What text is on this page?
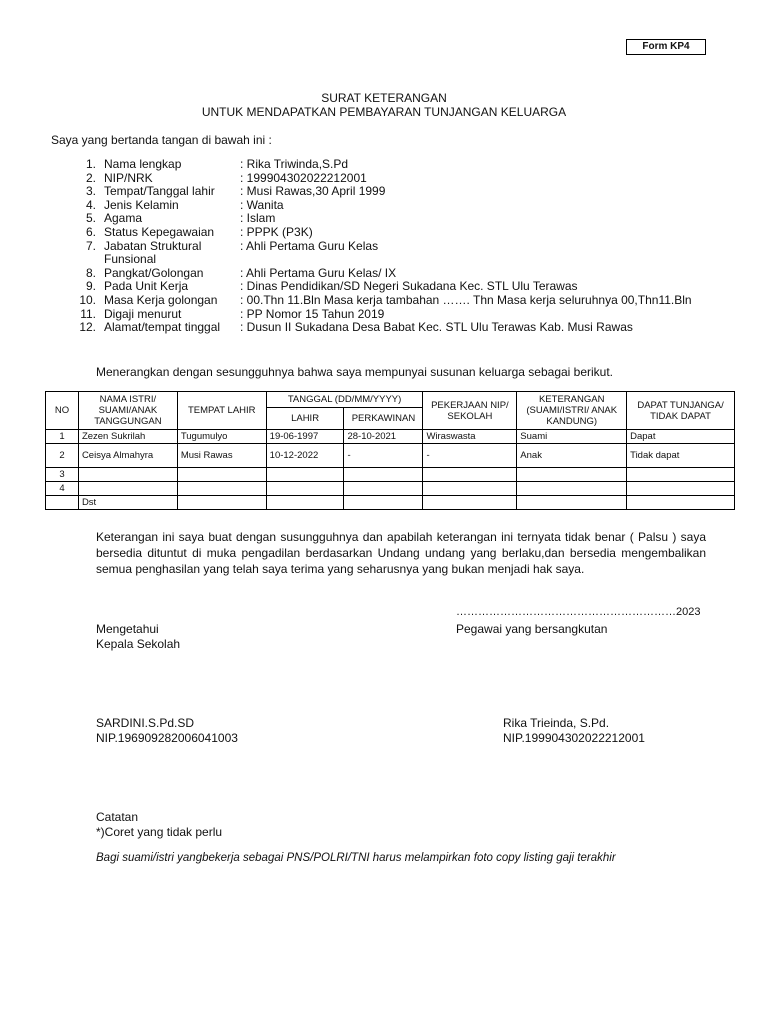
Form KP4
SURAT KETERANGAN
UNTUK MENDAPATKAN PEMBAYARAN TUNJANGAN KELUARGA
Saya yang bertanda tangan di bawah ini :
1. Nama lengkap	: Rika Triwinda,S.Pd
2. NIP/NRK	: 199904302022212001
3. Tempat/Tanggal lahir	: Musi Rawas,30 April 1999
4. Jenis Kelamin	: Wanita
5. Agama	: Islam
6. Status Kepegawaian	: PPPK (P3K)
7. Jabatan Struktural Funsional
: Ahli Pertama Guru Kelas
8. Pangkat/Golongan	: Ahli Pertama Guru Kelas/ IX
9. Pada Unit Kerja	: Dinas Pendidikan/SD Negeri Sukadana Kec. STL Ulu Terawas
10. Masa Kerja golongan	: 00.Thn 11.Bln Masa kerja tambahan ……. Thn Masa kerja seluruhnya 00,Thn11.Bln
11. Digaji menurut	: PP Nomor 15 Tahun 2019
12. Alamat/tempat tinggal	: Dusun II Sukadana Desa Babat Kec. STL Ulu Terawas Kab. Musi Rawas
Menerangkan dengan sesungguhnya bahwa saya mempunyai susunan keluarga sebagai berikut.
NO	NAMA ISTRI/ SUAMI/ANAK TANGGUNGAN	TEMPAT LAHIR	TANGGAL (DD/MM/YYYY)		PEKERJAAN NIP/ SEKOLAH	KETERANGAN (SUAMI/ISTRI/ ANAK KANDUNG)	DAPAT TUNJANGA/ TIDAK DAPAT
			LAHIR	PERKAWINAN			
1	Zezen Sukrilah	Tugumulyo	19-06-1997	28-10-2021	Wiraswasta	Suami	Dapat
2	Ceisya Almahyra	Musi Rawas	10-12-2022	-	-	Anak	Tidak dapat
3							
4							
	Dst						
Keterangan ini saya buat dengan susungguhnya dan apabilah keterangan ini ternyata tidak benar ( Palsu ) saya bersedia dituntut di muka pengadilan berdasarkan Undang undang yang berlaku,dan bersedia mengembalikan semua penghasilan yang telah saya terima yang seharusnya yang bukan menjadi hak saya.
……………………………………………………2023
Pegawai yang bersangkutan
Mengetahui
Kepala Sekolah
SARDINI.S.Pd.SD
NIP.196909282006041003
Rika Trieinda, S.Pd.
NIP.199904302022212001
Catatan
*)Coret yang tidak perlu
Bagi suami/istri yangbekerja sebagai PNS/POLRI/TNI harus melampirkan foto copy listing gaji terakhir
